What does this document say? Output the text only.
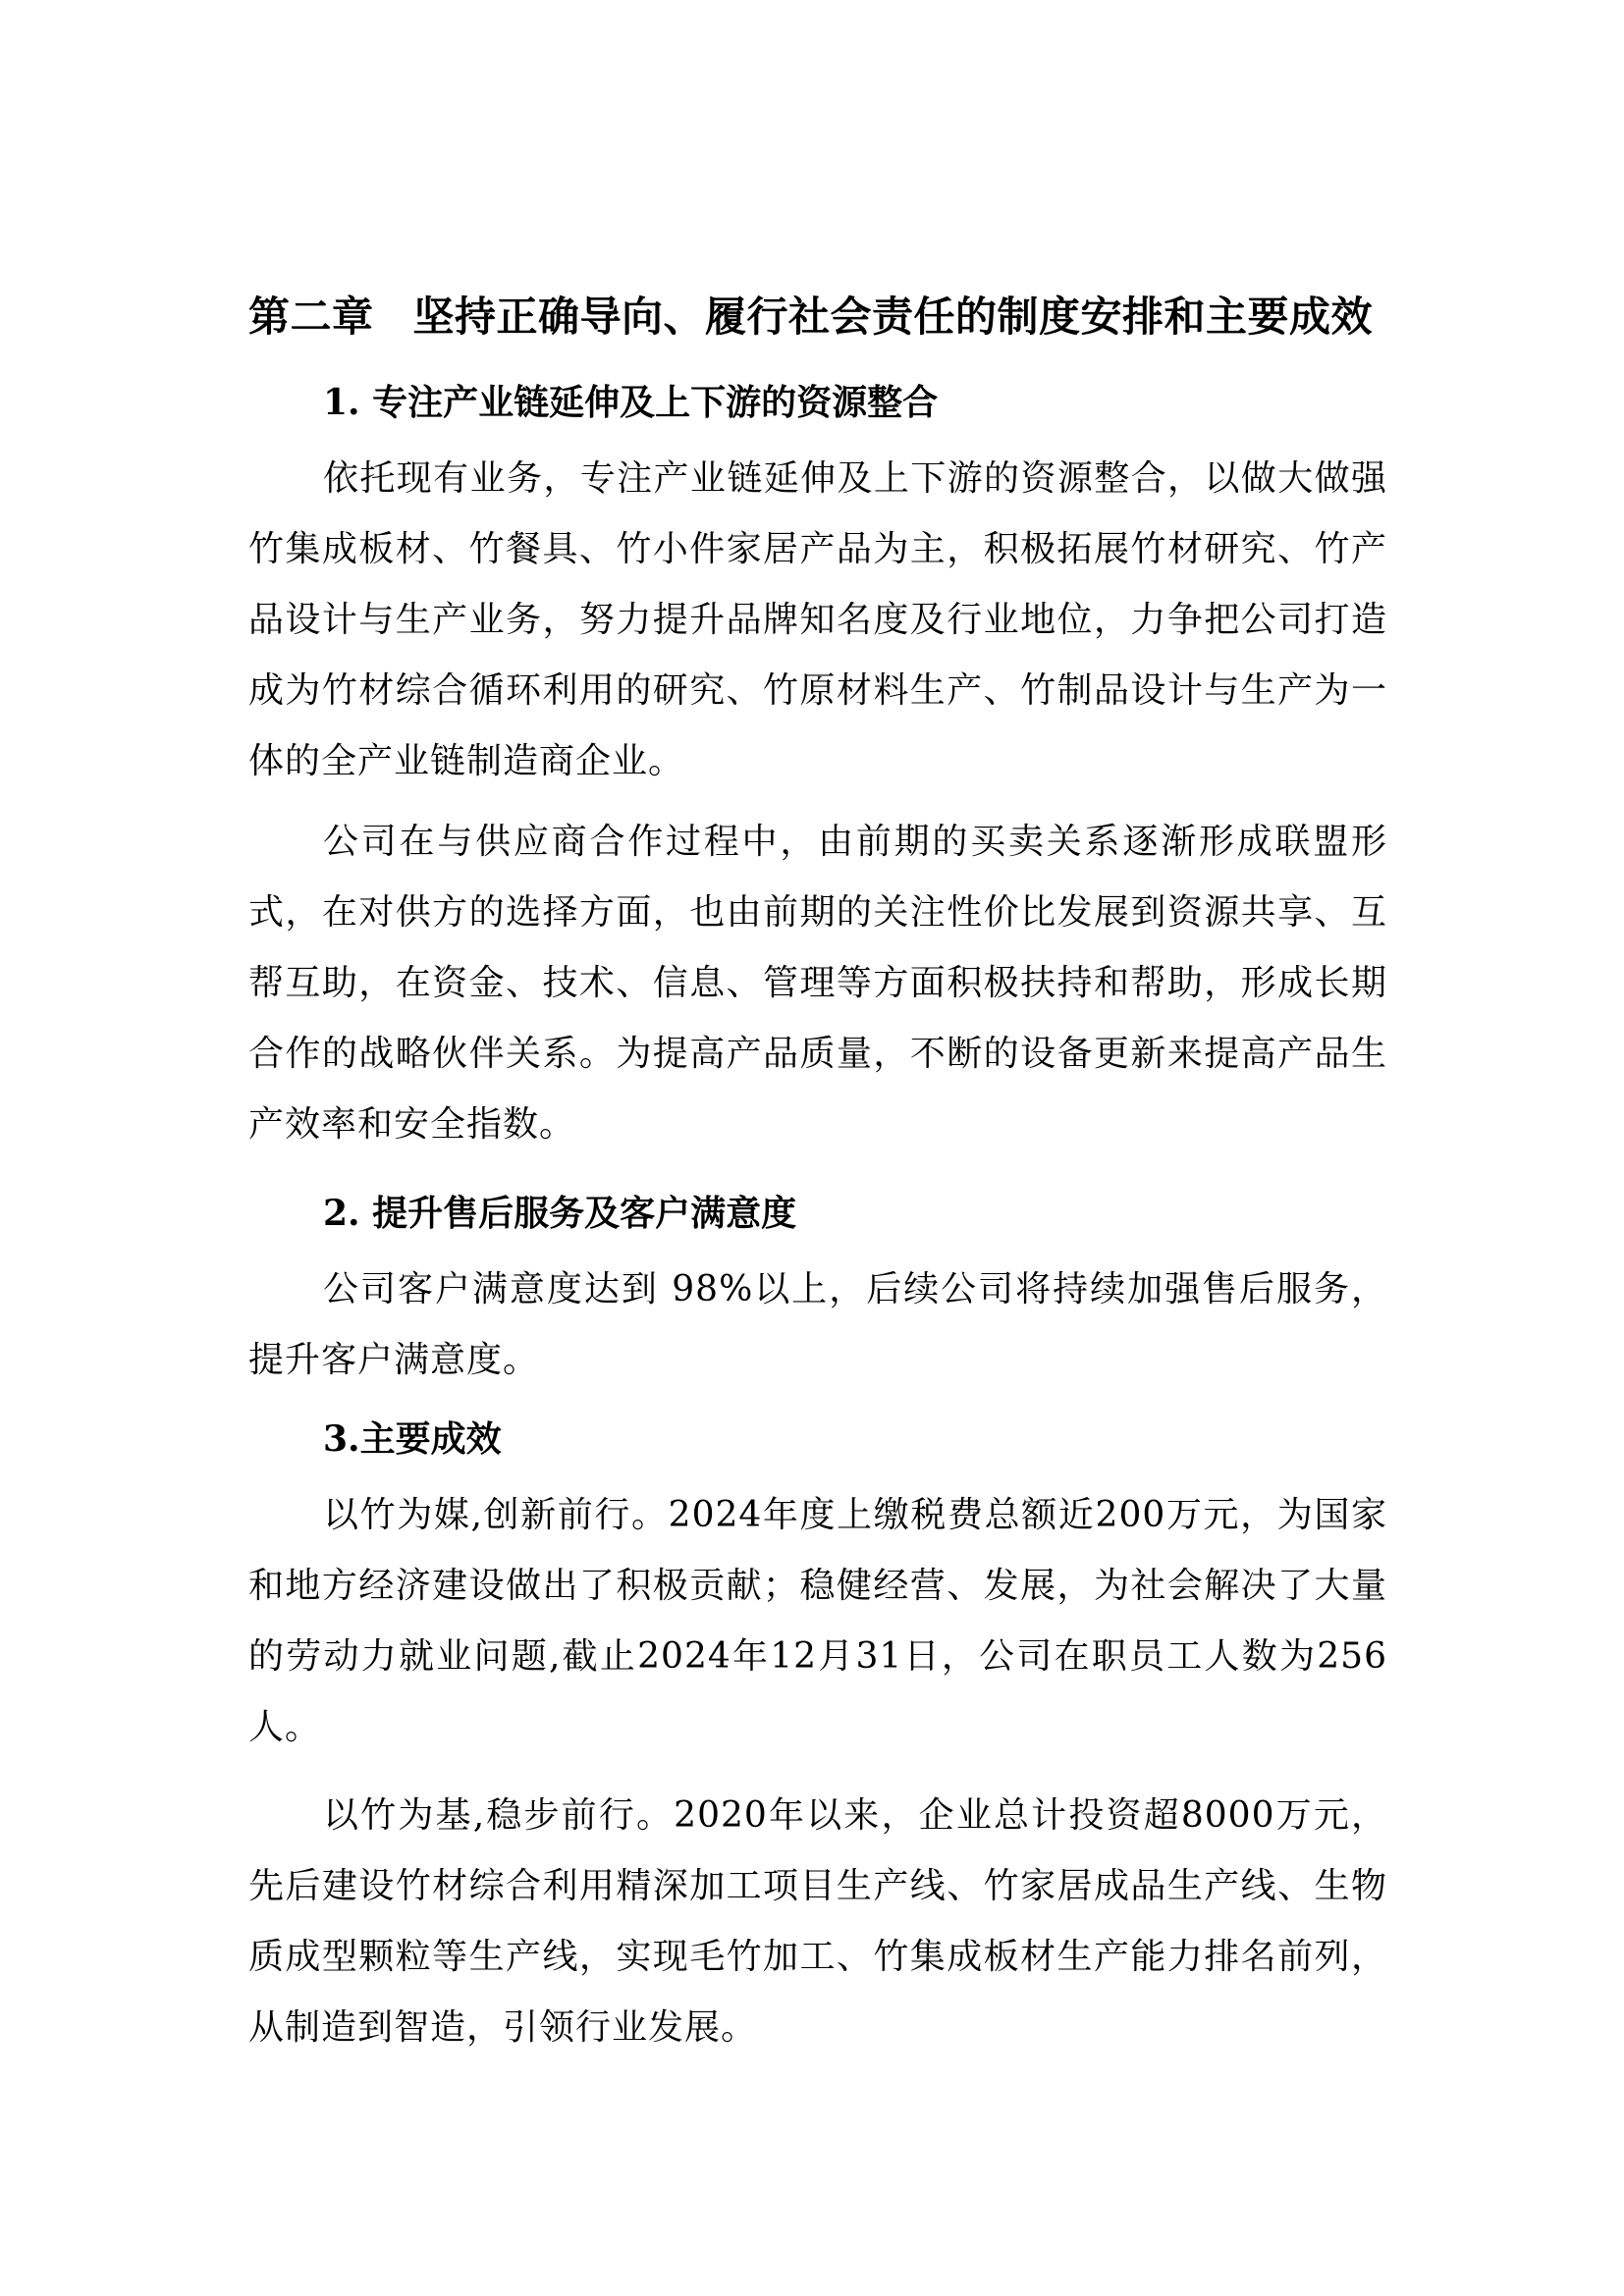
第二章 坚持正确导向、履行社会责任的制度安排和主要成效
1. 专注产业链延伸及上下游的资源整合

依托现有业务，专注产业链延伸及上下游的资源整合，以做大做强竹集成板材、竹餐具、竹小件家居产品为主，积极拓展竹材研究、竹产品设计与生产业务，努力提升品牌知名度及行业地位，力争把公司打造成为竹材综合循环利用的研究、竹原材料生产、竹制品设计与生产为一体的全产业链制造商企业。

公司在与供应商合作过程中，由前期的买卖关系逐渐形成联盟形式，在对供方的选择方面，也由前期的关注性价比发展到资源共享、互帮互助，在资金、技术、信息、管理等方面积极扶持和帮助，形成长期合作的战略伙伴关系。为提高产品质量，不断的设备更新来提高产品生产效率和安全指数。

2. 提升售后服务及客户满意度

公司客户满意度达到 98%以上，后续公司将持续加强售后服务，提升客户满意度。

3.主要成效

以竹为媒,创新前行。2024年度上缴税费总额近200万元，为国家和地方经济建设做出了积极贡献；稳健经营、发展，为社会解决了大量的劳动力就业问题,截止2024年12月31日，公司在职员工人数为256人。

以竹为基,稳步前行。2020年以来，企业总计投资超8000万元，先后建设竹材综合利用精深加工项目生产线、竹家居成品生产线、生物质成型颗粒等生产线，实现毛竹加工、竹集成板材生产能力排名前列，从制造到智造，引领行业发展。
